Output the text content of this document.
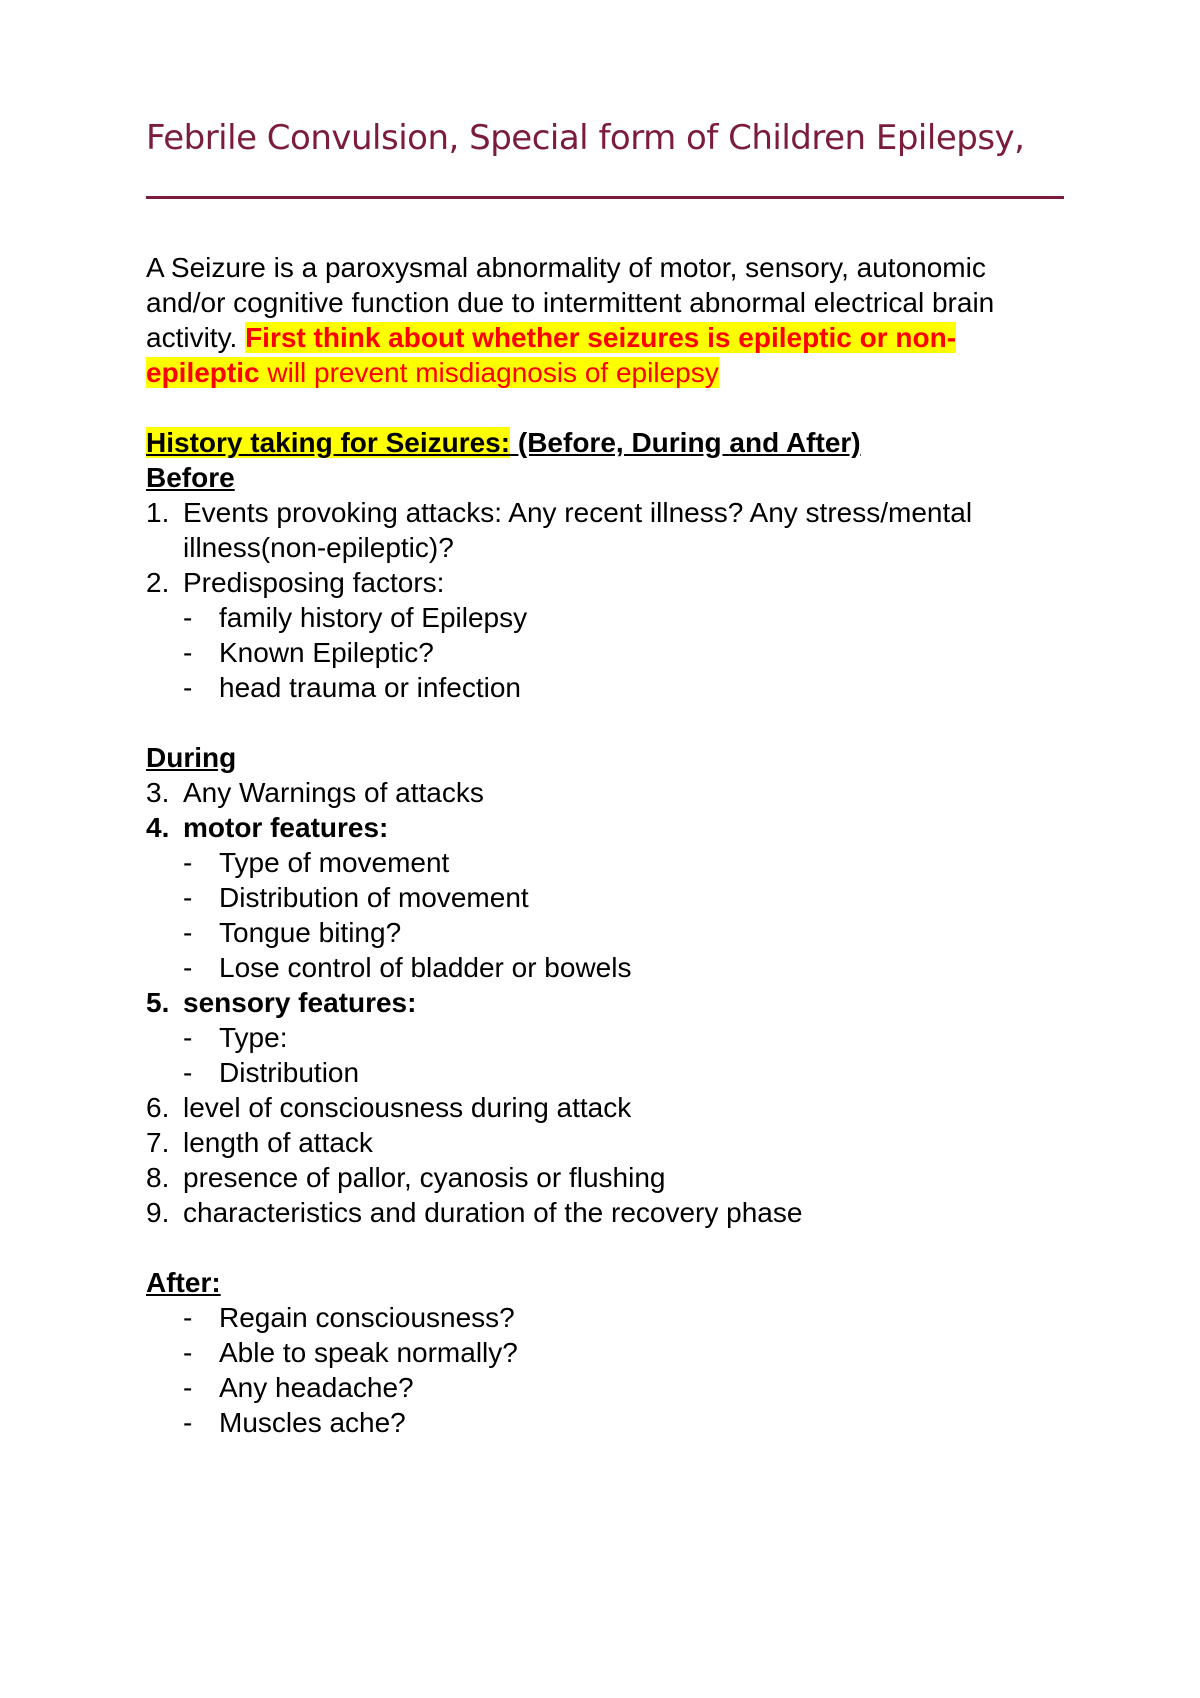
Febrile Convulsion, Special form of Children Epilepsy,

A Seizure is a paroxysmal abnormality of motor, sensory, autonomic and/or cognitive function due to intermittent abnormal electrical brain activity. First think about whether seizures is epileptic or non-epileptic will prevent misdiagnosis of epilepsy

History taking for Seizures: (Before, During and After)

Before

1. Events provoking attacks: Any recent illness? Any stress/mental illness(non-epileptic)?
2. Predisposing factors:
- family history of Epilepsy
- Known Epileptic?
- head trauma or infection

During

3. Any Warnings of attacks
4. motor features:
- Type of movement
- Distribution of movement
- Tongue biting?
- Lose control of bladder or bowels
5. sensory features:
- Type:
- Distribution
6. level of consciousness during attack
7. length of attack
8. presence of pallor, cyanosis or flushing
9. characteristics and duration of the recovery phase

After:

- Regain consciousness?
- Able to speak normally?
- Any headache?
- Muscles ache?
